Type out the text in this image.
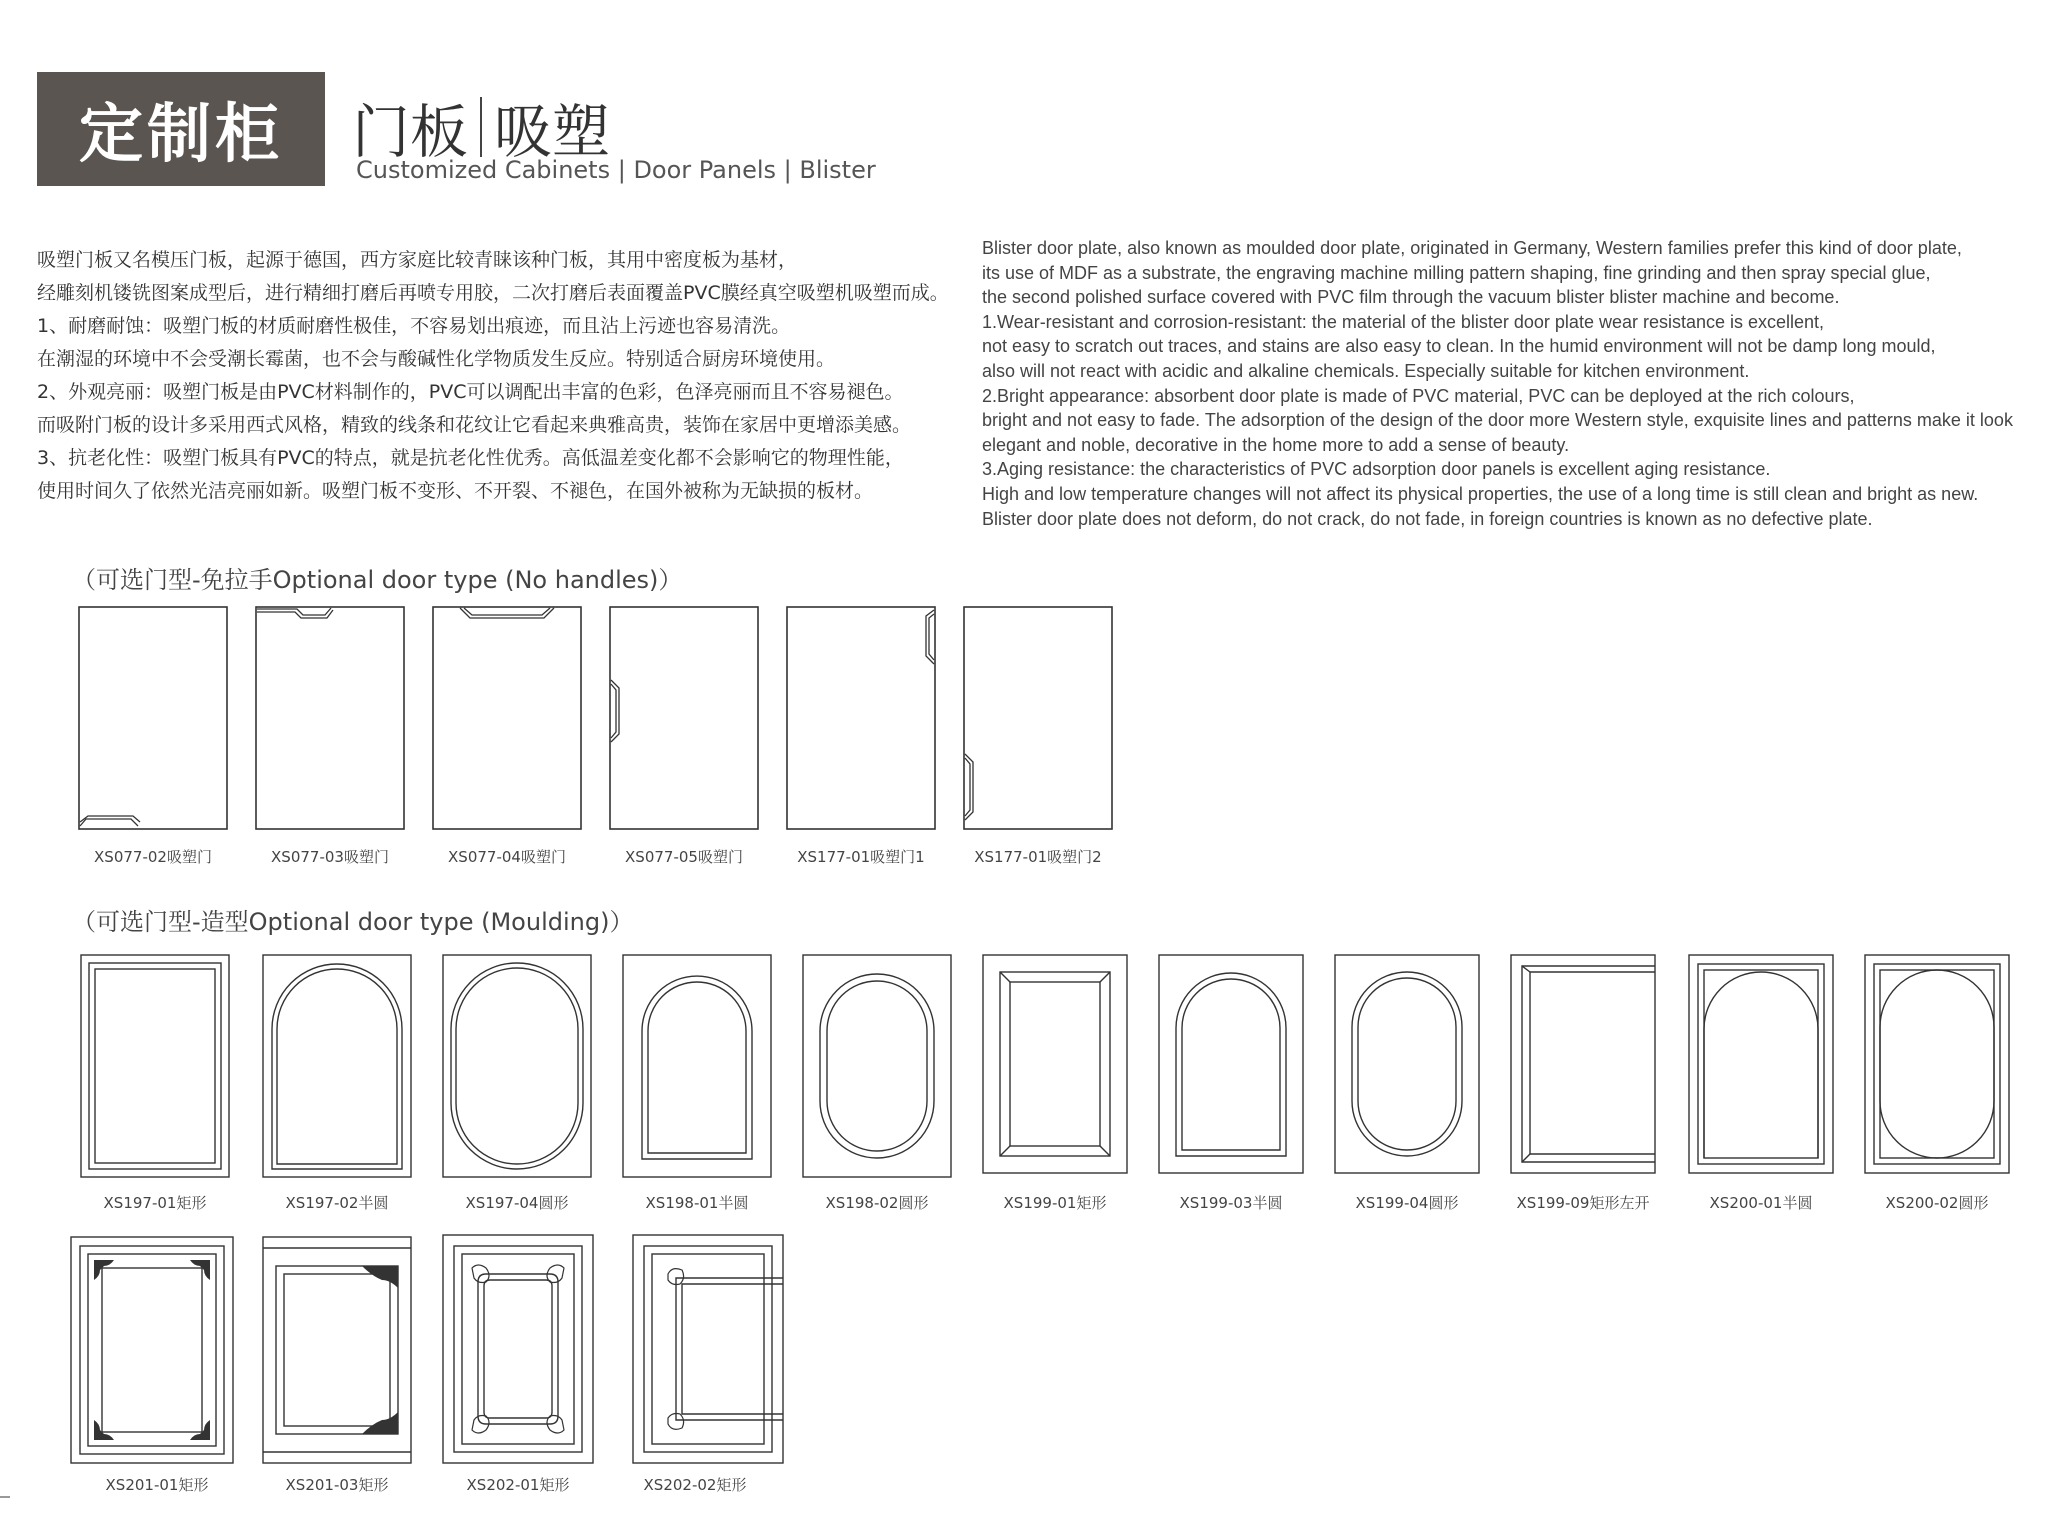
定制柜 门板 吸塑
Customized Cabinets | Door Panels | Blister
吸塑门板又名模压门板，起源于德国，西方家庭比较青睐该种门板，其用中密度板为基材，
经雕刻机镂铣图案成型后，进行精细打磨后再喷专用胶，二次打磨后表面覆盖PVC膜经真空吸塑机吸塑而成。
1、耐磨耐蚀：吸塑门板的材质耐磨性极佳，不容易划出痕迹，而且沾上污迹也容易清洗。
在潮湿的环境中不会受潮长霉菌，也不会与酸碱性化学物质发生反应。特别适合厨房环境使用。
2、外观亮丽：吸塑门板是由PVC材料制作的，PVC可以调配出丰富的色彩，色泽亮丽而且不容易褪色。
而吸附门板的设计多采用西式风格，精致的线条和花纹让它看起来典雅高贵，装饰在家居中更增添美感。
3、抗老化性：吸塑门板具有PVC的特点，就是抗老化性优秀。高低温差变化都不会影响它的物理性能，
使用时间久了依然光洁亮丽如新。吸塑门板不变形、不开裂、不褪色，在国外被称为无缺损的板材。
Blister door plate, also known as moulded door plate, originated in Germany, Western families prefer this kind of door plate,
its use of MDF as a substrate, the engraving machine milling pattern shaping, fine grinding and then spray special glue,
the second polished surface covered with PVC film through the vacuum blister blister machine and become.
1.Wear-resistant and corrosion-resistant: the material of the blister door plate wear resistance is excellent,
not easy to scratch out traces, and stains are also easy to clean. In the humid environment will not be damp long mould,
also will not react with acidic and alkaline chemicals. Especially suitable for kitchen environment.
2.Bright appearance: absorbent door plate is made of PVC material, PVC can be deployed at the rich colours,
bright and not easy to fade. The adsorption of the design of the door more Western style, exquisite lines and patterns make it look
elegant and noble, decorative in the home more to add a sense of beauty.
3.Aging resistance: the characteristics of PVC adsorption door panels is excellent aging resistance.
High and low temperature changes will not affect its physical properties, the use of a long time is still clean and bright as new.
Blister door plate does not deform, do not crack, do not fade, in foreign countries is known as no defective plate.
（可选门型-免拉手Optional door type (No handles)）
XS077-02吸塑门	XS077-03吸塑门	XS077-04吸塑门	XS077-05吸塑门	XS177-01吸塑门1	XS177-01吸塑门2
（可选门型-造型Optional door type (Moulding)）
XS197-01矩形	XS197-02半圆	XS197-04圆形	XS198-01半圆	XS198-02圆形	XS199-01矩形	XS199-03半圆	XS199-04圆形	XS199-09矩形左开	XS200-01半圆	XS200-02圆形
XS201-01矩形	XS201-03矩形	XS202-01矩形	XS202-02矩形
